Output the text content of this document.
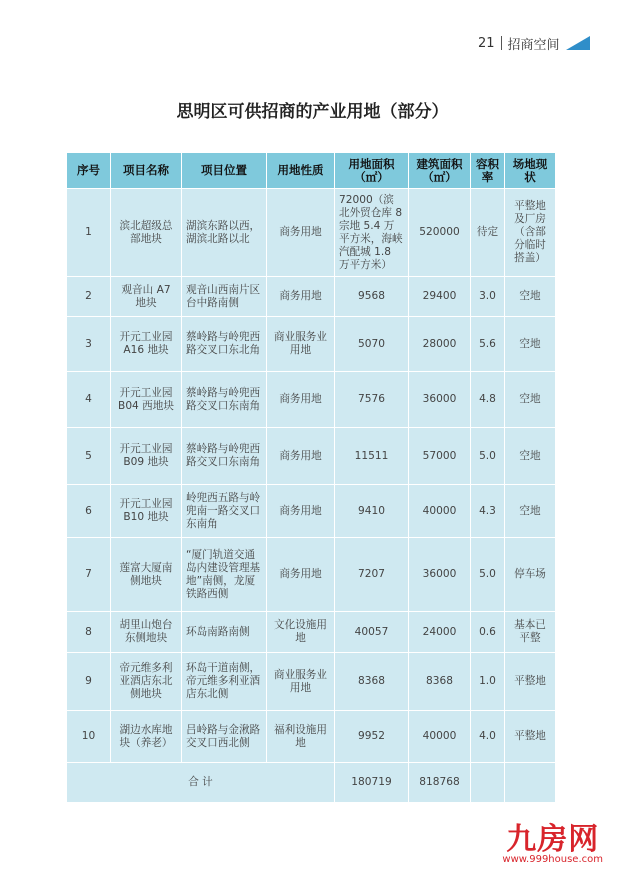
21 招商空间
思明区可供招商的产业用地（部分）
序号	项目名称	项目位置	用地性质	用地面积（㎡）	建筑面积（㎡）	容积率	场地现状
1	滨北超级总部地块	湖滨东路以西，湖滨北路以北	商务用地	72000（滨北外贸仓库 8 宗地 5.4 万平方米，海峡汽配城 1.8 万平方米）	520000	待定	平整地及厂房（含部分临时搭盖）
2	观音山 A7 地块	观音山西南片区台中路南侧	商务用地	9568	29400	3.0	空地
3	开元工业园 A16 地块	蔡岭路与岭兜西路交叉口东北角	商业服务业用地	5070	28000	5.6	空地
4	开元工业园 B04 西地块	蔡岭路与岭兜西路交叉口东南角	商务用地	7576	36000	4.8	空地
5	开元工业园 B09 地块	蔡岭路与岭兜西路交叉口东南角	商务用地	11511	57000	5.0	空地
6	开元工业园 B10 地块	岭兜西五路与岭兜南一路交叉口东南角	商务用地	9410	40000	4.3	空地
7	莲富大厦南侧地块	“厦门轨道交通岛内建设管理基地”南侧，龙厦铁路西侧	商务用地	7207	36000	5.0	停车场
8	胡里山炮台东侧地块	环岛南路南侧	文化设施用地	40057	24000	0.6	基本已平整
9	帝元维多利亚酒店东北侧地块	环岛干道南侧，帝元维多利亚酒店东北侧	商业服务业用地	8368	8368	1.0	平整地
10	湖边水库地块（养老）	吕岭路与金湫路交叉口西北侧	福利设施用地	9952	40000	4.0	平整地
合 计				180719	818768		
九房网
www.999house.com
